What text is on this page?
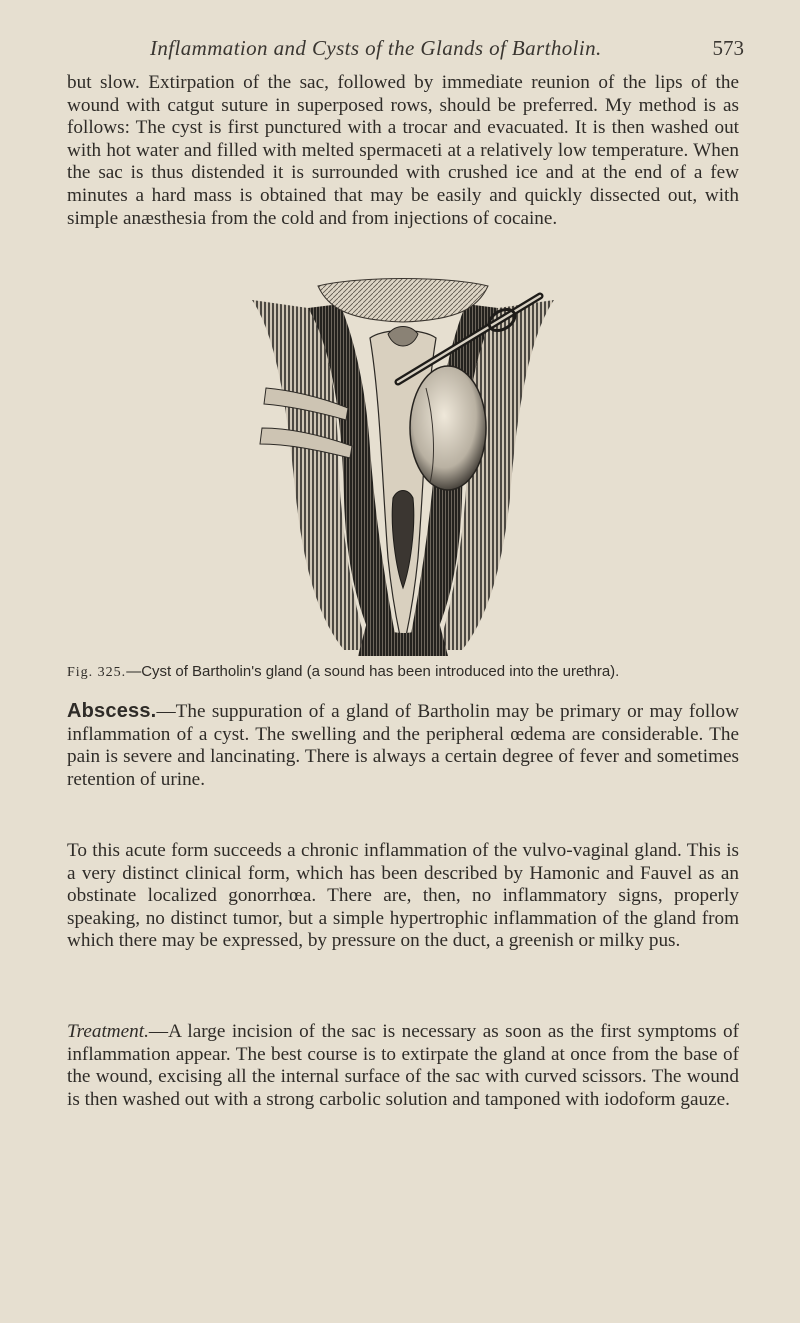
Inflammation and Cysts of the Glands of Bartholin.	573

but slow. Extirpation of the sac, followed by immediate reunion of the lips of the wound with catgut suture in superposed rows, should be preferred. My method is as follows: The cyst is first punctured with a trocar and evacuated. It is then washed out with hot water and filled with melted spermaceti at a relatively low temperature. When the sac is thus distended it is surrounded with crushed ice and at the end of a few minutes a hard mass is obtained that may be easily and quickly dissected out, with simple anæsthesia from the cold and from injections of cocaine.

Fig. 325.—Cyst of Bartholin's gland (a sound has been introduced into the urethra).

Abscess.—The suppuration of a gland of Bartholin may be primary or may follow inflammation of a cyst. The swelling and the peripheral œdema are considerable. The pain is severe and lancinating. There is always a certain degree of fever and sometimes retention of urine.

To this acute form succeeds a chronic inflammation of the vulvo-vaginal gland. This is a very distinct clinical form, which has been described by Hamonic and Fauvel as an obstinate localized gonorrhœa. There are, then, no inflammatory signs, properly speaking, no distinct tumor, but a simple hypertrophic inflammation of the gland from which there may be expressed, by pressure on the duct, a greenish or milky pus.

Treatment.—A large incision of the sac is necessary as soon as the first symptoms of inflammation appear. The best course is to extirpate the gland at once from the base of the wound, excising all the internal surface of the sac with curved scissors. The wound is then washed out with a strong carbolic solution and tamponed with iodoform gauze.
